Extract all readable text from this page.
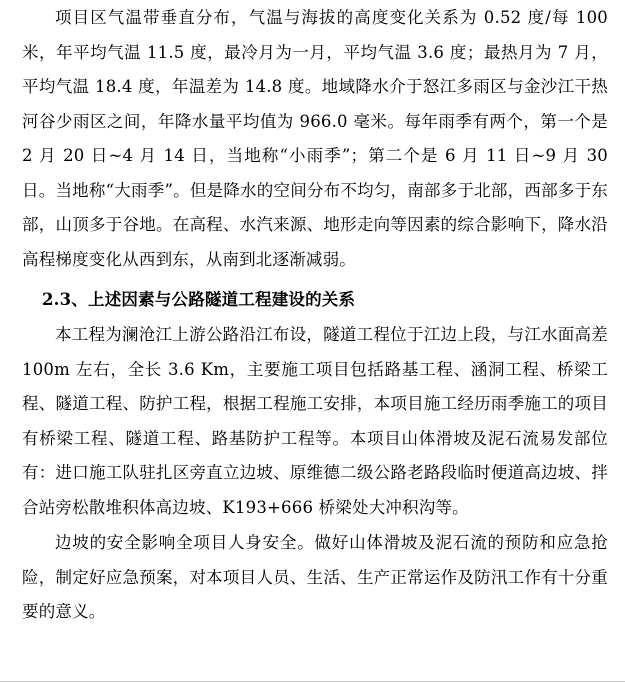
项目区气温带垂直分布，气温与海拔的高度变化关系为 0.52 度/每 100 米，年平均气温 11.5 度，最冷月为一月，平均气温 3.6 度；最热月为 7 月，平均气温 18.4 度，年温差为 14.8 度。地域降水介于怒江多雨区与金沙江干热河谷少雨区之间，年降水量平均值为 966.0 毫米。每年雨季有两个，第一个是 2 月 20 日~4 月 14 日，当地称“小雨季”；第二个是 6 月 11 日~9 月 30 日。当地称“大雨季”。但是降水的空间分布不均匀，南部多于北部，西部多于东部，山顶多于谷地。在高程、水汽来源、地形走向等因素的综合影响下，降水沿高程梯度变化从西到东，从南到北逐渐减弱。

2.3、上述因素与公路隧道工程建设的关系

本工程为澜沧江上游公路沿江布设，隧道工程位于江边上段，与江水面高差 100m 左右，全长 3.6 Km，主要施工项目包括路基工程、涵洞工程、桥梁工程、隧道工程、防护工程，根据工程施工安排，本项目施工经历雨季施工的项目有桥梁工程、隧道工程、路基防护工程等。本项目山体滑坡及泥石流易发部位有：进口施工队驻扎区旁直立边坡、原维德二级公路老路段临时便道高边坡、拌合站旁松散堆积体高边坡、K193+666 桥梁处大冲积沟等。

边坡的安全影响全项目人身安全。做好山体滑坡及泥石流的预防和应急抢险，制定好应急预案，对本项目人员、生活、生产正常运作及防汛工作有十分重要的意义。
